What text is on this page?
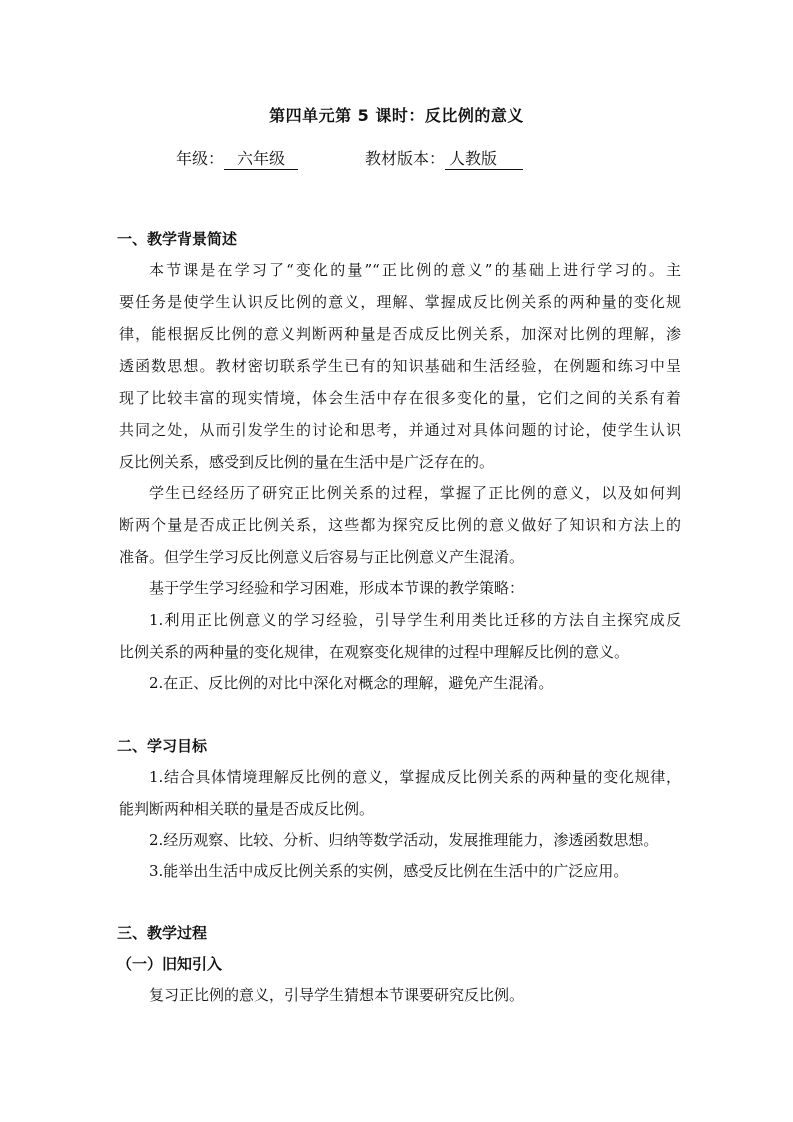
第四单元第 5 课时：反比例的意义
年级： 六年级	教材版本： 人教版
一、教学背景简述
本节课是在学习了“变化的量”“正比例的意义”的基础上进行学习的。主
要任务是使学生认识反比例的意义，理解、掌握成反比例关系的两种量的变化规
律，能根据反比例的意义判断两种量是否成反比例关系，加深对比例的理解，渗
透函数思想。教材密切联系学生已有的知识基础和生活经验，在例题和练习中呈
现了比较丰富的现实情境，体会生活中存在很多变化的量，它们之间的关系有着
共同之处，从而引发学生的讨论和思考，并通过对具体问题的讨论，使学生认识
反比例关系，感受到反比例的量在生活中是广泛存在的。
学生已经经历了研究正比例关系的过程，掌握了正比例的意义，以及如何判
断两个量是否成正比例关系，这些都为探究反比例的意义做好了知识和方法上的
准备。但学生学习反比例意义后容易与正比例意义产生混淆。
基于学生学习经验和学习困难，形成本节课的教学策略：
1.利用正比例意义的学习经验，引导学生利用类比迁移的方法自主探究成反
比例关系的两种量的变化规律，在观察变化规律的过程中理解反比例的意义。
2.在正、反比例的对比中深化对概念的理解，避免产生混淆。
二、学习目标
1.结合具体情境理解反比例的意义，掌握成反比例关系的两种量的变化规律，
能判断两种相关联的量是否成反比例。
2.经历观察、比较、分析、归纳等数学活动，发展推理能力，渗透函数思想。
3.能举出生活中成反比例关系的实例，感受反比例在生活中的广泛应用。
三、教学过程
（一）旧知引入
复习正比例的意义，引导学生猜想本节课要研究反比例。
